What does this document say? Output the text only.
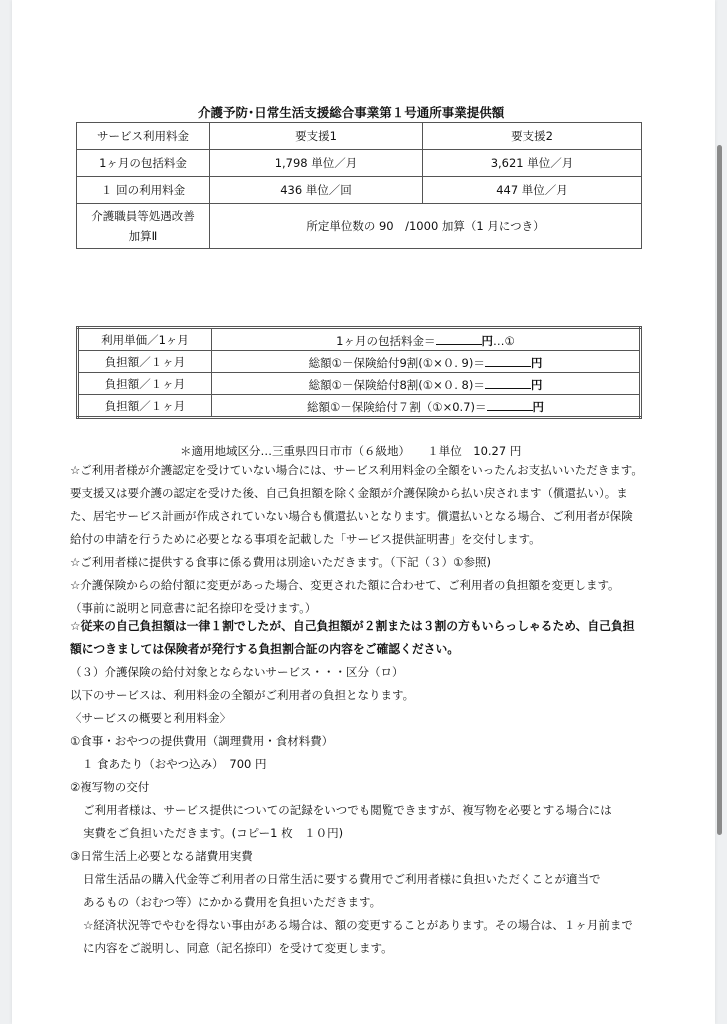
介護予防･日常生活支援総合事業第１号通所事業提供額
サービス利用料金	要支援1	要支援2
1ヶ月の包括料金	1,798 単位／月	3,621 単位／月
１ 回の利用料金	436 単位／回	447 単位／月

介護職員等処遇改善
加算Ⅱ	所定単位数の 90　/1000 加算（1 月につき）	
利用単価／1ヶ月	1ヶ月の包括料金＝ 円…①
負担額／１ヶ月	総額①－保険給付9割(①×０. 9)＝ 円
負担額／１ヶ月	総額①－保険給付8割(①×０. 8)＝ 円
負担額／１ヶ月	総額①－保険給付７割（①×0.7)＝ 円
＊適用地域区分…三重県四日市市（６級地）　　１単位　10.27 円
☆ご利用者様が介護認定を受けていない場合には、サービス利用料金の全額をいったんお支払いいただきます。
要支援又は要介護の認定を受けた後、自己負担額を除く金額が介護保険から払い戻されます（償還払い）。ま
た、居宅サービス計画が作成されていない場合も償還払いとなります。償還払いとなる場合、ご利用者が保険
給付の申請を行うために必要となる事項を記載した「サービス提供証明書」を交付します。
☆ご利用者様に提供する食事に係る費用は別途いただきます。（下記（３）①参照)
☆介護保険からの給付額に変更があった場合、変更された額に合わせて、ご利用者の負担額を変更します。
（事前に説明と同意書に記名捺印を受けます。）
☆従来の自己負担額は一律１割でしたが、自己負担額が２割または３割の方もいらっしゃるため、自己負担
額につきましては保険者が発行する負担割合証の内容をご確認ください。
（３）介護保険の給付対象とならないサービス・・・区分（ロ）
以下のサービスは、利用料金の全額がご利用者の負担となります。
〈サービスの概要と利用料金〉
①食事・おやつの提供費用（調理費用・食材料費）
１ 食あたり（おやつ込み）　700 円
②複写物の交付
ご利用者様は、サービス提供についての記録をいつでも閲覧できますが、複写物を必要とする場合には
実費をご負担いただきます。(コピー1 枚　１０円)
③日常生活上必要となる諸費用実費
日常生活品の購入代金等ご利用者の日常生活に要する費用でご利用者様に負担いただくことが適当で
あるもの（おむつ等）にかかる費用を負担いただきます。
☆経済状況等でやむを得ない事由がある場合は、額の変更することがあります。その場合は、１ヶ月前まで
に内容をご説明し、同意（記名捺印）を受けて変更します。
